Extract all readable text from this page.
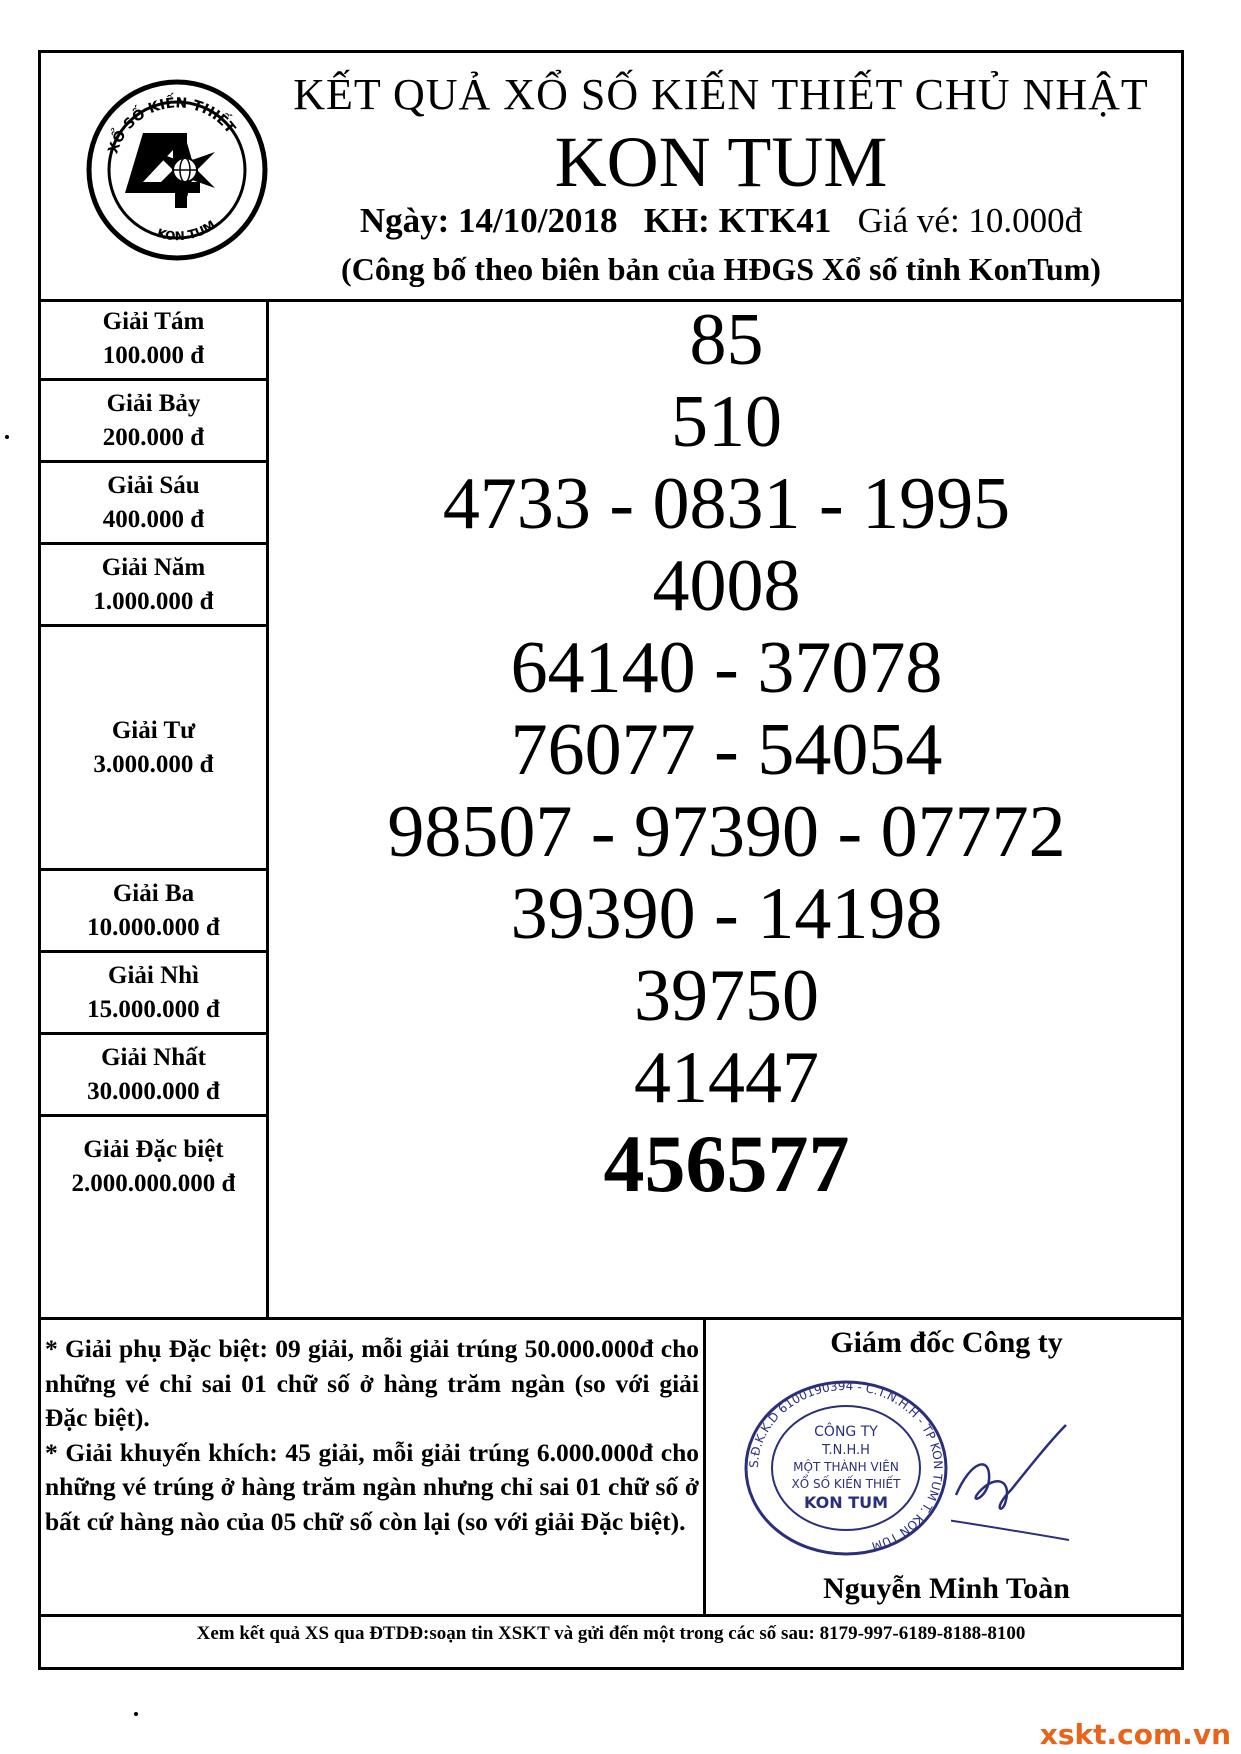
XỔ SỐ KIẾN THIẾT
KON TUM
KẾT QUẢ XỔ SỐ KIẾN THIẾT CHỦ NHẬT
KON TUM
Ngày: 14/10/2018 KH: KTK41 Giá vé: 10.000đ
(Công bố theo biên bản của HĐGS Xổ số tỉnh KonTum)
Giải Tám
100.000 đ
Giải Bảy
200.000 đ
Giải Sáu
400.000 đ
Giải Năm
1.000.000 đ
Giải Tư
3.000.000 đ
Giải Ba
10.000.000 đ
Giải Nhì
15.000.000 đ
Giải Nhất
30.000.000 đ
Giải Đặc biệt
2.000.000.000 đ
85
510
4733 - 0831 - 1995
4008
64140 - 37078
76077 - 54054
98507 - 97390 - 07772
39390 - 14198
39750
41447
456577

* Giải phụ Đặc biệt: 09 giải, mỗi giải trúng 50.000.000đ cho những vé chỉ sai 01 chữ số ở hàng trăm ngàn (so với giải Đặc biệt).

* Giải khuyến khích: 45 giải, mỗi giải trúng 6.000.000đ cho những vé trúng ở hàng trăm ngàn nhưng chỉ sai 01 chữ số ở bất cứ hàng nào của 05 chữ số còn lại (so với giải Đặc biệt).

Giám đốc Công ty
S.Đ.K.K.D 6100190394 - C.T.N.H.H - TP KON TUM T. KON TUM
CÔNG TY
T.N.H.H
MỘT THÀNH VIÊN
XỔ SỐ KIẾN THIẾT
KON TUM
Nguyễn Minh Toàn
Xem kết quả XS qua ĐTDĐ:soạn tin XSKT và gửi đến một trong các số sau: 8179-997-6189-8188-8100
xskt.com.vn
